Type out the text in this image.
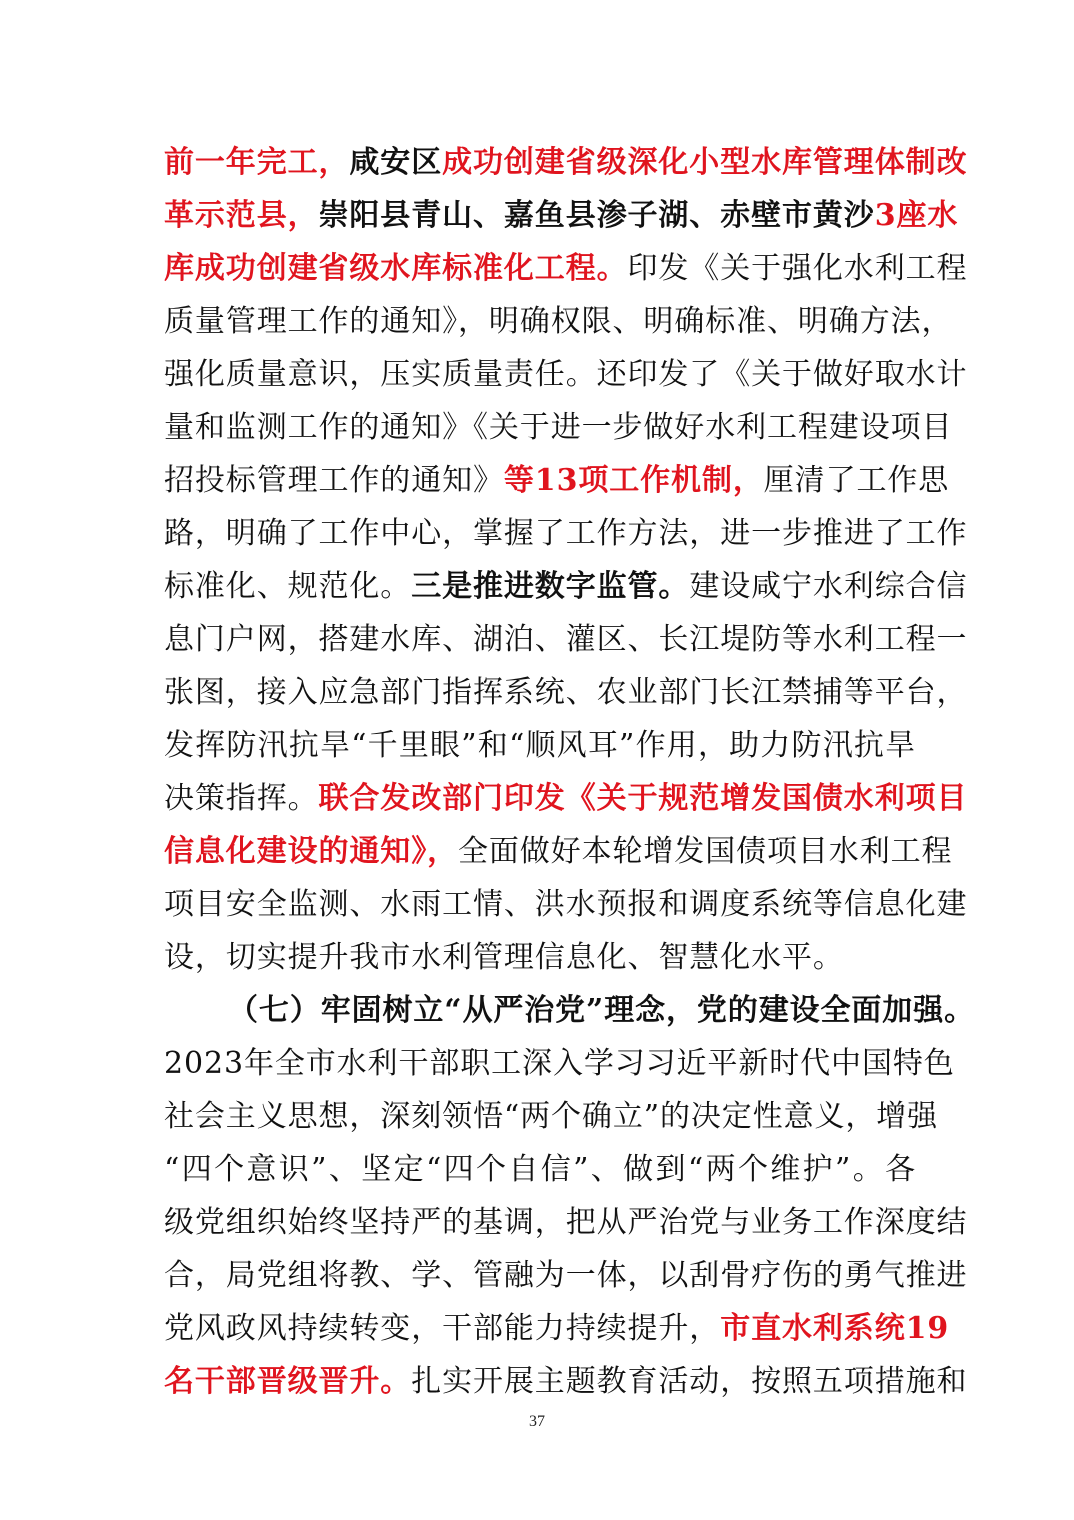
前一年完工，咸安区成功创建省级深化小型水库管理体制改
革示范县，崇阳县青山、嘉鱼县渗子湖、赤壁市黄沙3座水
库成功创建省级水库标准化工程。印发《关于强化水利工程
质量管理工作的通知》，明确权限、明确标准、明确方法，
强化质量意识，压实质量责任。还印发了《关于做好取水计
量和监测工作的通知》《关于进一步做好水利工程建设项目
招投标管理工作的通知》等13项工作机制，厘清了工作思
路，明确了工作中心，掌握了工作方法，进一步推进了工作
标准化、规范化。三是推进数字监管。建设咸宁水利综合信
息门户网，搭建水库、湖泊、灌区、长江堤防等水利工程一
张图，接入应急部门指挥系统、农业部门长江禁捕等平台，
发挥防汛抗旱“千里眼”和“顺风耳”作用，助力防汛抗旱
决策指挥。联合发改部门印发《关于规范增发国债水利项目
信息化建设的通知》，全面做好本轮增发国债项目水利工程
项目安全监测、水雨工情、洪水预报和调度系统等信息化建
设，切实提升我市水利管理信息化、智慧化水平。
（七）牢固树立“从严治党”理念，党的建设全面加强。
2023年全市水利干部职工深入学习习近平新时代中国特色
社会主义思想，深刻领悟“两个确立”的决定性意义，增强
“四个意识”、坚定“四个自信”、做到“两个维护”。各
级党组织始终坚持严的基调，把从严治党与业务工作深度结
合，局党组将教、学、管融为一体，以刮骨疗伤的勇气推进
党风政风持续转变，干部能力持续提升，市直水利系统19
名干部晋级晋升。扎实开展主题教育活动，按照五项措施和
37
